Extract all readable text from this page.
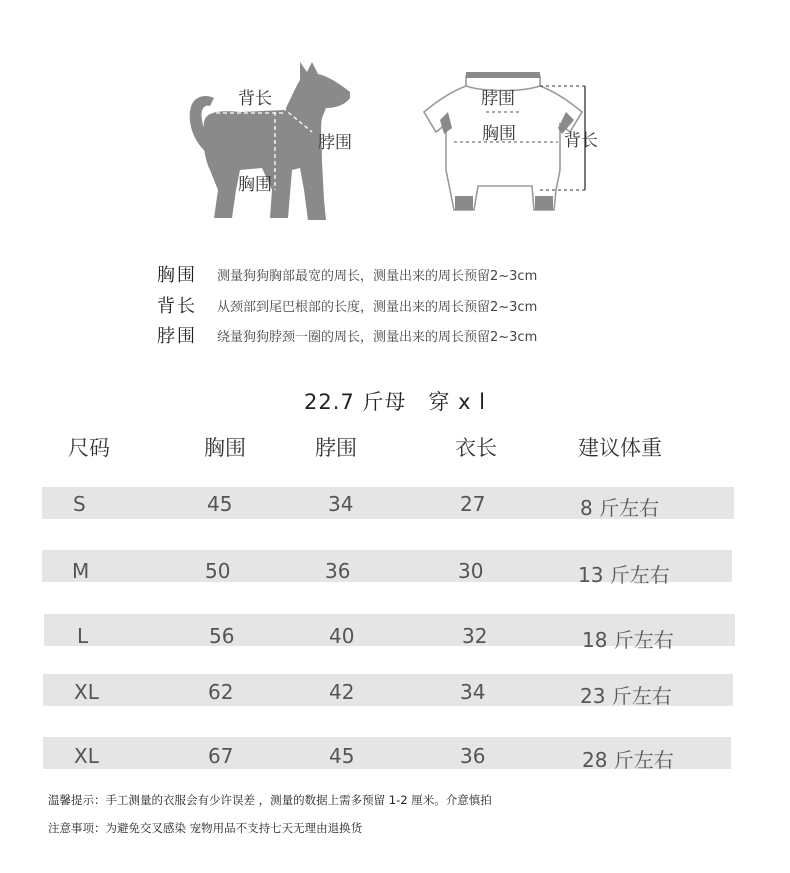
背长
脖围
胸围
脖围
胸围	背长
胸围 测量狗狗胸部最宽的周长，测量出来的周长预留2~3cm
背长 从颈部到尾巴根部的长度，测量出来的周长预留2~3cm
脖围 绕量狗狗脖颈一圈的周长，测量出来的周长预留2~3cm
22.7 斤母　穿 x l
尺码	胸围	脖围	衣长	建议体重
S	45	34	27	8 斤左右
M	50	36	30	13 斤左右
L	56	40	32	18 斤左右
XL	62	42	34	23 斤左右
XL	67	45	36	28 斤左右
温馨提示：手工测量的衣服会有少许误差 ，测量的数据上需多预留 1-2 厘米。介意慎拍
注意事项：为避免交叉感染 宠物用品不支持七天无理由退换货
